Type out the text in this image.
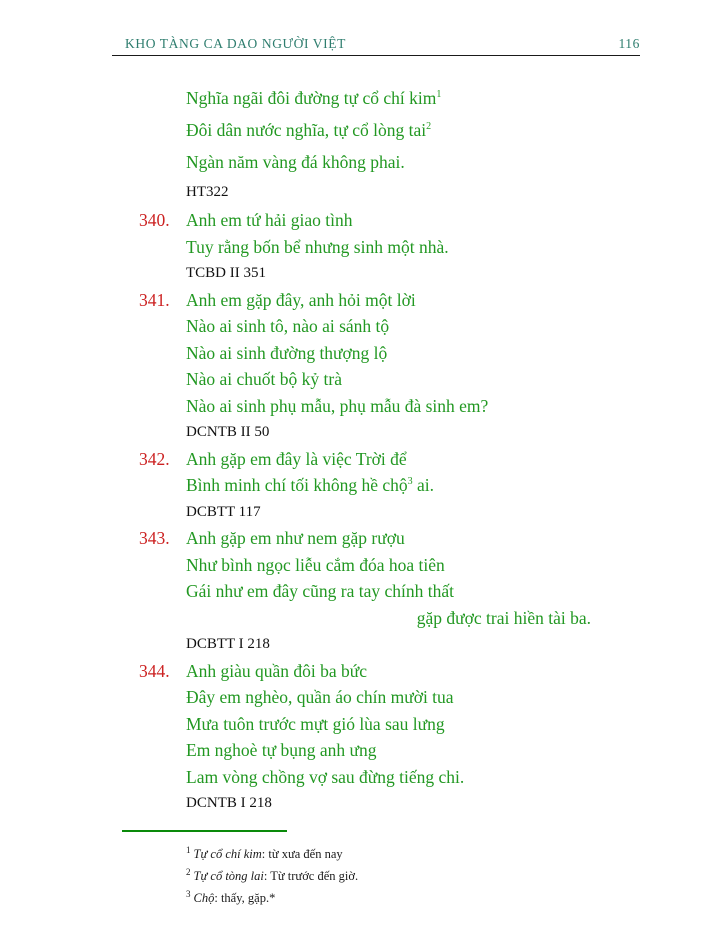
KHO TÀNG CA DAO NGƯỜI VIỆT	116
Nghĩa ngãi đôi đường tự cổ chí kim$^1$
Đôi dân nước nghĩa, tự cổ lòng tai$^2$
Ngàn năm vàng đá không phai.
HT322
340. Anh em tứ hải giao tình
Tuy rằng bốn bể nhưng sinh một nhà.
TCBD II 351
341. Anh em gặp đây, anh hỏi một lời
Nào ai sinh tô, nào ai sánh tộ
Nào ai sinh đường thượng lộ
Nào ai chuốt bộ kỷ trà
Nào ai sinh phụ mẫu, phụ mẫu đà sinh em?
DCNTB II 50
342. Anh gặp em đây là việc Trời để
Bình minh chí tối không hề chộ$^3$ ai.
DCBTT 117
343. Anh gặp em như nem gặp rượu
Như bình ngọc liễu cắm đóa hoa tiên
Gái như em đây cũng ra tay chính thất
gặp được trai hiền tài ba.
DCBTT I 218
344. Anh giàu quần đôi ba bức
Đây em nghèo, quần áo chín mười tua
Mưa tuôn trước mựt gió lùa sau lưng
Em nghoè tự bụng anh ưng
Lam vòng chồng vợ sau đừng tiếng chi.
DCNTB I 218
$^1$ Tự cổ chí kim: từ xưa đến nay
$^2$ Tự cổ tòng lai: Từ trước đến giờ.
$^3$ Chộ: thấy, gặp.*
